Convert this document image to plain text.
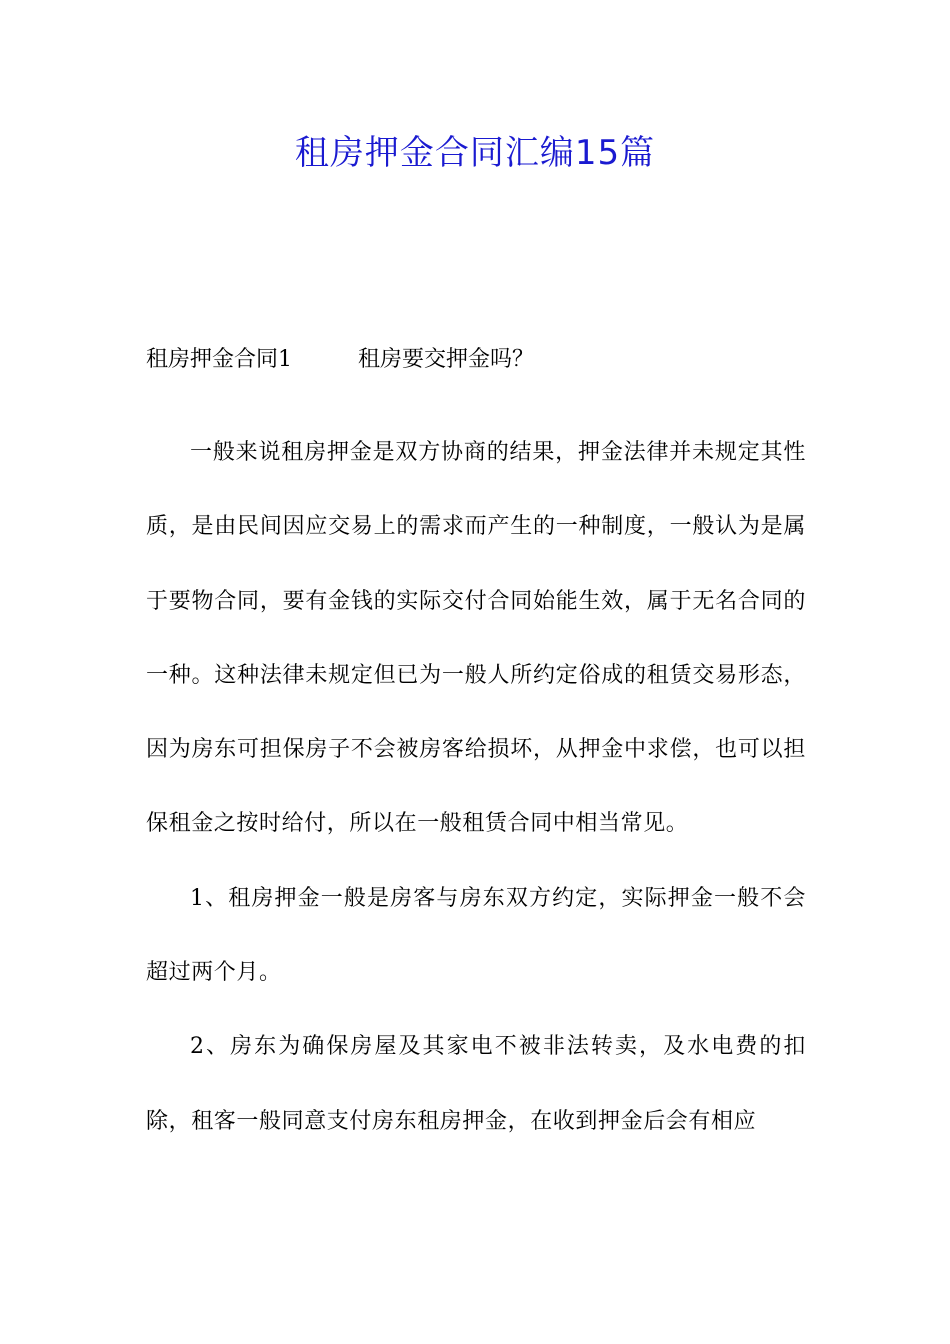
租房押金合同汇编15篇
租房押金合同1	租房要交押金吗？

一般来说租房押金是双方协商的结果，押金法律并未规定其性质，是由民间因应交易上的需求而产生的一种制度，一般认为是属于要物合同，要有金钱的实际交付合同始能生效，属于无名合同的一种。这种法律未规定但已为一般人所约定俗成的租赁交易形态，因为房东可担保房子不会被房客给损坏，从押金中求偿，也可以担保租金之按时给付，所以在一般租赁合同中相当常见。

1、租房押金一般是房客与房东双方约定，实际押金一般不会超过两个月。

2、房东为确保房屋及其家电不被非法转卖，及水电费的扣除，租客一般同意支付房东租房押金，在收到押金后会有相应
